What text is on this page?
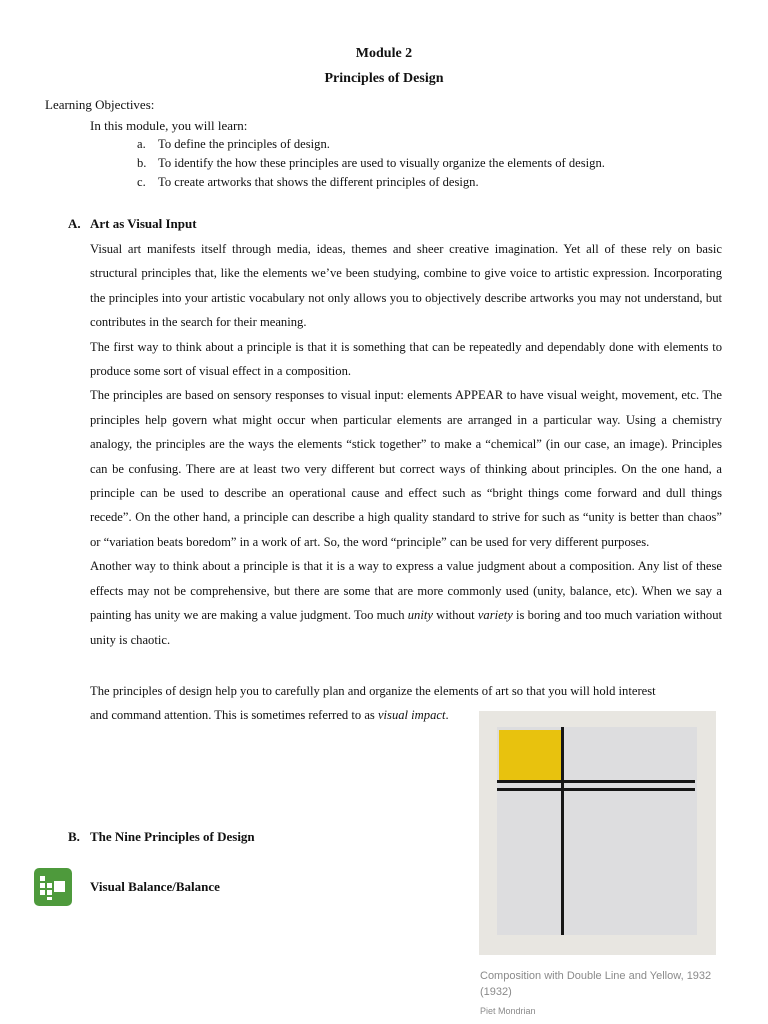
Module 2
Principles of Design
Learning Objectives:
In this module, you will learn:
a. To define the principles of design.
b. To identify the how these principles are used to visually organize the elements of design.
c. To create artworks that shows the different principles of design.
A. Art as Visual Input

Visual art manifests itself through media, ideas, themes and sheer creative imagination. Yet all of these rely on basic structural principles that, like the elements we’ve been studying, combine to give voice to artistic expression. Incorporating the principles into your artistic vocabulary not only allows you to objectively describe artworks you may not understand, but contributes in the search for their meaning.

The first way to think about a principle is that it is something that can be repeatedly and dependably done with elements to produce some sort of visual effect in a composition.

The principles are based on sensory responses to visual input: elements APPEAR to have visual weight, movement, etc. The principles help govern what might occur when particular elements are arranged in a particular way. Using a chemistry analogy, the principles are the ways the elements “stick together” to make a “chemical” (in our case, an image). Principles can be confusing. There are at least two very different but correct ways of thinking about principles. On the one hand, a principle can be used to describe an operational cause and effect such as “bright things come forward and dull things recede”. On the other hand, a principle can describe a high quality standard to strive for such as “unity is better than chaos” or “variation beats boredom” in a work of art. So, the word “principle” can be used for very different purposes.

Another way to think about a principle is that it is a way to express a value judgment about a composition. Any list of these effects may not be comprehensive, but there are some that are more commonly used (unity, balance, etc). When we say a painting has unity we are making a value judgment. Too much unity without variety is boring and too much variation without unity is chaotic.

The principles of design help you to carefully plan and organize the elements of art so that you will hold interest
and command attention. This is sometimes referred to as visual impact.
B. The Nine Principles of Design
Visual Balance/Balance
Composition with Double Line and Yellow, 1932 (1932)
Piet Mondrian
